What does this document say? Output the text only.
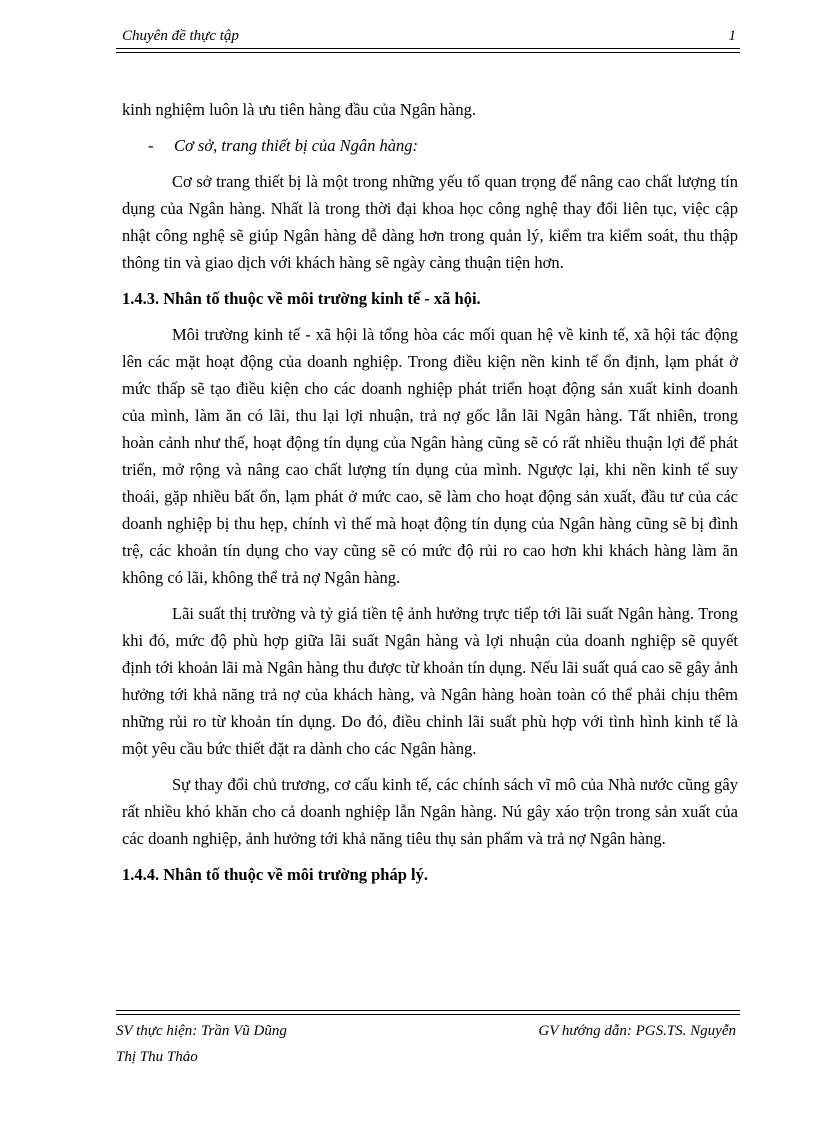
Chuyên đề thực tập	1

kinh nghiệm luôn là ưu tiên hàng đầu của Ngân hàng.

- Cơ sở, trang thiết bị của Ngân hàng:

Cơ sở trang thiết bị là một trong những yếu tố quan trọng để nâng cao chất lượng tín dụng của Ngân hàng. Nhất là trong thời đại khoa học công nghệ thay đổi liên tục, việc cập nhật công nghệ sẽ giúp Ngân hàng dễ dàng hơn trong quản lý, kiểm tra kiểm soát, thu thập thông tin và giao dịch với khách hàng sẽ ngày càng thuận tiện hơn.

1.4.3. Nhân tố thuộc về môi trường kinh tế - xã hội.

Môi trường kinh tế - xã hội là tổng hòa các mối quan hệ về kinh tế, xã hội tác động lên các mặt hoạt động của doanh nghiệp. Trong điều kiện nền kinh tế ổn định, lạm phát ở mức thấp sẽ tạo điều kiện cho các doanh nghiệp phát triển hoạt động sản xuất kinh doanh của mình, làm ăn có lãi, thu lại lợi nhuận, trả nợ gốc lẫn lãi Ngân hàng. Tất nhiên, trong hoàn cảnh như thế, hoạt động tín dụng của Ngân hàng cũng sẽ có rất nhiều thuận lợi để phát triển, mở rộng và nâng cao chất lượng tín dụng của mình. Ngược lại, khi nền kinh tế suy thoái, gặp nhiều bất ổn, lạm phát ở mức cao, sẽ làm cho hoạt động sản xuất, đầu tư của các doanh nghiệp bị thu hẹp, chính vì thế mà hoạt động tín dụng của Ngân hàng cũng sẽ bị đình trệ, các khoản tín dụng cho vay cũng sẽ có mức độ rủi ro cao hơn khi khách hàng làm ăn không có lãi, không thể trả nợ Ngân hàng.

Lãi suất thị trường và tỷ giá tiền tệ ảnh hưởng trực tiếp tới lãi suất Ngân hàng. Trong khi đó, mức độ phù hợp giữa lãi suất Ngân hàng và lợi nhuận của doanh nghiệp sẽ quyết định tới khoản lãi mà Ngân hàng thu được từ khoản tín dụng. Nếu lãi suất quá cao sẽ gây ảnh hưởng tới khả năng trả nợ của khách hàng, và Ngân hàng hoàn toàn có thể phải chịu thêm những rủi ro từ khoản tín dụng. Do đó, điều chỉnh lãi suất phù hợp với tình hình kinh tế là một yêu cầu bức thiết đặt ra dành cho các Ngân hàng.

Sự thay đổi chủ trương, cơ cấu kinh tế, các chính sách vĩ mô của Nhà nước cũng gây rất nhiều khó khăn cho cả doanh nghiệp lẫn Ngân hàng. Nú gây xáo trộn trong sản xuất của các doanh nghiệp, ảnh hưởng tới khả năng tiêu thụ sản phẩm và trả nợ Ngân hàng.

1.4.4. Nhân tố thuộc về môi trường pháp lý.
SV thực hiện: Trần Vũ Dũng	GV hướng dẫn: PGS.TS. Nguyễn
Thị Thu Thảo
